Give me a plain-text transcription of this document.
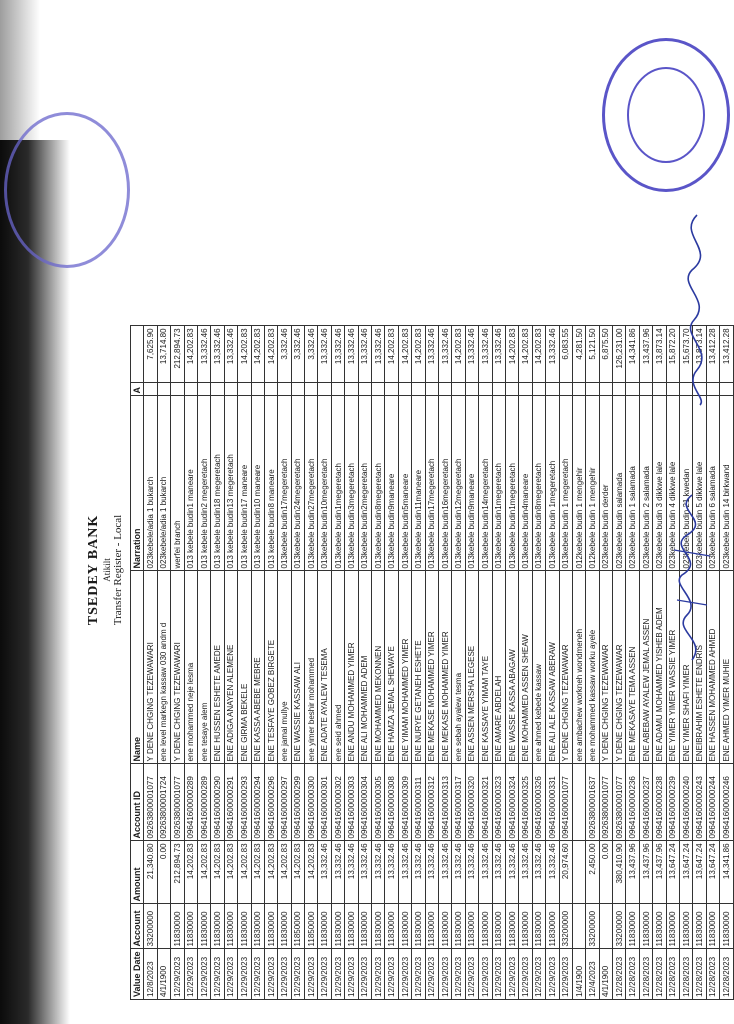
TSEDEY BANK Atikilt Transfer Register - Local
Value Date	Account	Amount	Account ID	Name	Narration	A	
12/8/2023	33200000	21,340.80	09263800001077	Y DENE CHGING TEZEWAWARI	023kebele/adia 1 bukarch		7,625.90
4/1/1900		0.00	09263800001724	ene level markegn kassaw 030 andm d	023kebele/adia 1 bukarch		13,714.80
12/29/2023	11830000	212,894.73	09263800001077	Y DENE CHGING TEZEWAWARI	werfei branch		212,894.73
12/29/2023	11830000	14,202.83	09641600000289	ene mohammed neje lesma	013 kebele budin1 maneare		14,202.83
12/29/2023	11830000	14,202.83	09641600000289	ene tesaye alem	013 kebele budin2 megeretach		13,332.46
12/29/2023	11830000	14,202.83	09641600000290	ENE HUSSEN ESHETE AMEDE	013 kebele budin18 megeretach		13,332.46
12/29/2023	11830000	14,202.83	09641600000291	ENE ADIGA ANAYEN ALEMENE	013 kebele budin13 megeretach		13,332.46
12/29/2023	11830000	14,202.83	09641600000293	ENE GIRMA BEKELE	013 kebele budin17 maneare		14,202.83
12/29/2023	11830000	14,202.83	09641600000294	ENE KASSA ABEBE MEBRE	013 kebele budin10 maneare		14,202.83
12/29/2023	11830000	14,202.83	09641600000296	ENE TESFAYE GOBEZ BIRGETE	013 kebele budin8 maneare		14,202.83
12/29/2023	11830000	14,202.83	09641600000297	ene jamal mullye	013kebele budin17megeretach		3,332.46
12/29/2023	11850000	14,202.83	09641600000299	ENE WASSIE KASSAW ALI	013kebele budin24megeretach		3,332.46
12/29/2023	11850000	14,202.83	09641600000300	ene yimer beshir mohammed	013kebele budin27megeretach		3,332.46
12/29/2023	11830000	13,332.46	09641600000301	ENE ADATE AYALEW TESEMA	013kebele budin10megeretach		13,332.46
12/29/2023	11830000	13,332.46	09641600000302	ene seid ahmed	013kebele budin1megeretach		13,332.46
12/29/2023	11830000	13,332.46	09641600000303	ENE ANDU MOHAMMED YIMER	013kebele budin3megeretach		13,332.46
12/29/2023	11830000	13,332.46	09641600000304	ENE ALI MOHAMMED ADEM	013kebele budin2megeretach		13,332.46
12/29/2023	11830000	13,332.46	09641600000305	ENE MOHAMMED MEKONNEN	013kebele budin8megeretach		13,332.46
12/29/2023	11830000	13,332.46	09641600000308	ENE HAMZA JEMAL SHEWAYE	013kebele budin9maneare		14,202.83
12/29/2023	11830000	13,332.46	09641600000309	ENE YIMAM MOHAMMED YIMER	013kebele budin5maneare		14,202.83
12/29/2023	11830000	13,332.46	09641600000311	ENE NURYE GETANEH ESHETE	013kebele budin11maneare		14,202.83
12/29/2023	11830000	13,332.46	09641600000312	ENE MEKASE MOHAMMED YIMER	013kebele budin17megeretach		13,332.46
12/29/2023	11830000	13,332.46	09641600000313	ENE MEKASE MOHAMMED YIMER	013kebele budin16megeretach		13,332.46
12/29/2023	11830000	13,332.46	09641600000317	ene sebah ayalew tesma	013kebele budin12megeretach		14,202.83
12/29/2023	11830000	13,332.46	09641600000320	ENE ASSEN MERSHA LEGESE	013kebele budin9maneare		13,332.46
12/29/2023	11830000	13,332.46	09641600000321	ENE KASSAYE YIMAM TAYE	013kebele budin14megeretach		13,332.46
12/29/2023	11830000	13,332.46	09641600000323	ENE AMARE ABDELAH	013kebele budin1megeretach		13,332.46
12/29/2023	11830000	13,332.46	09641600000324	ENE WASSE KASSA ABAGAW	013kebele budin1megeretach		14,202.83
12/29/2023	11830000	13,332.46	09641600000325	ENE MOHAMMED ASSEN SHEAW	013kebele budin4maneare		14,202.83
12/29/2023	11830000	13,332.46	09641600000326	ene ahmed kebede kassaw	013kebele budin8megeretach		14,202.83
12/29/2023	11830000	13,332.46	09641600000331	ENE ALI ALE KASSAW ABERAW	013kebele budin 1megeretach		13,332.46
12/29/2023	33200000	20,974.60	09641600001077	Y DENE CHGING TEZEWAWAR	013kebele budin 1 megeretach		6,083.55
1/4/1900				ene ambachew workneh wondmeneh	012kebele budin 1 mengehir		4,281.50
12/4/2023	33200000	2,450.00	09263800001637	ene mohammed kassaw worku ayele	012kebele budin 1 mengehir		5,121.50
4/1/1900		0.00	09263800001077	Y DENE CHGING TEZEWAWAR	023kebele budin derder		6,875.50
12/28/2023	33200000	380,410.90	09263800001077	Y DENE CHGING TEZEWAWAR	023kebele budin salamada		126,231.00
12/28/2023	11830000	13,437.96	09641600000236	ENE MEKASAYE TEMA ASSEN	023kebele budin 1 salamada		14,341.86
12/28/2023	11830000	13,437.96	09641600000237	ENE ABEBAW AYALEW JEMAL ASSEN	023kebele budin 2 salamada		13,437.96
12/28/2023	11830000	13,437.96	09641600000238	ENE ADAMU MOHAMMED YISHEB ADEM	023kebele budin 3 dikkwe lale		13,873.14
12/28/2023	11830000	13,647.24	09641600000239	ENE YIMER YIMER WASSIE YIMER	023kebele budin 4 dikkwe lale		15,872.20
12/28/2023	11830000	13,647.24	09641600000240	ENE YIMER SHAFI YIMER	023kebele budin 21 kwedan		15,673.70
12/28/2023	11830000	13,647.24	09641600000243	ENEIBRAHIM ESHETE ENDRIS	023kebele budin 5 dikkwe lale		13,873.14
12/28/2023	11830000	13,647.24	09641600000244	ENE HASSEN MOHAMMED AHMED	023kebele budin 6 salamada		13,412.28
12/28/2023	11830000	14,341.86	09641600000246	ENE AHMED YIMER MUHIE	023kebele budin 14 birkwand		13,412.28
